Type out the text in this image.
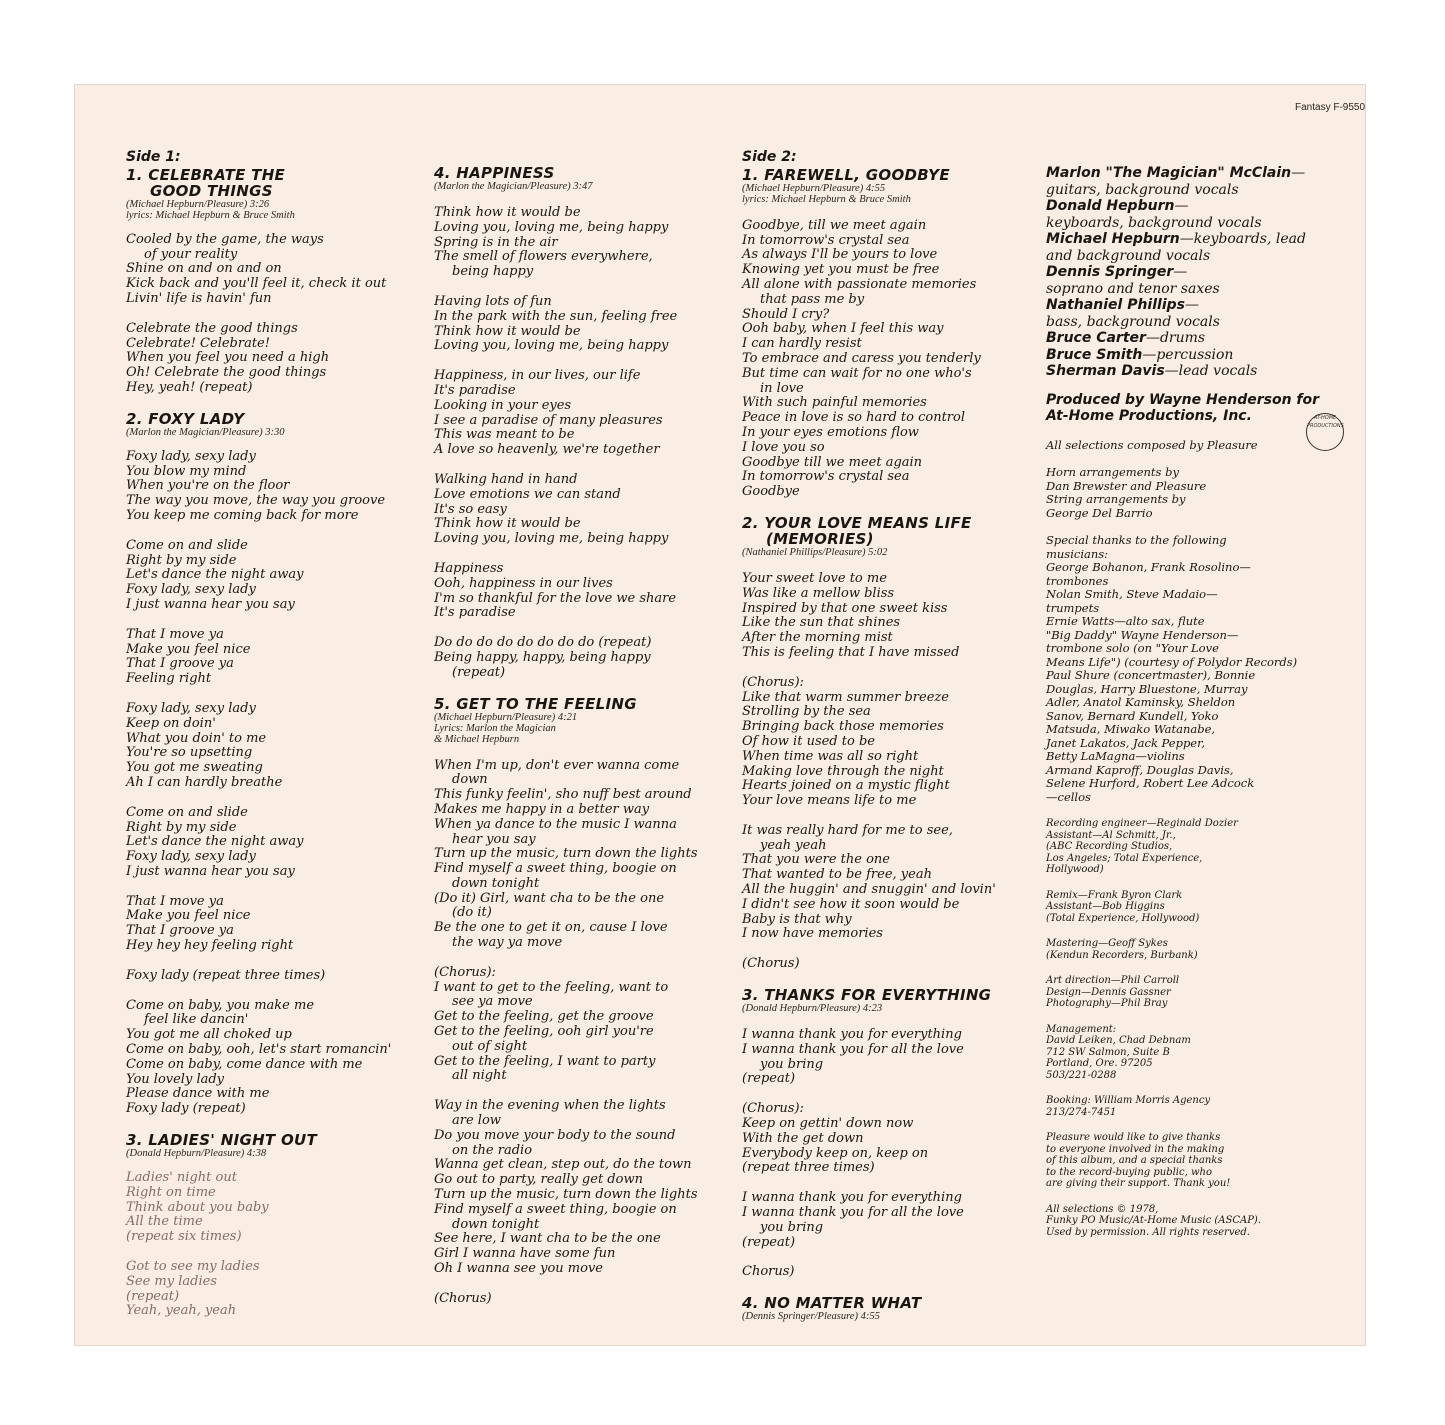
Fantasy F-9550
Side 1:
1. CELEBRATE THE
GOOD THINGS
(Michael Hepburn/Pleasure) 3:26
lyrics: Michael Hepburn & Bruce Smith
Cooled by the game, the ways
of your reality
Shine on and on and on
Kick back and you'll feel it, check it out
Livin' life is havin' fun
Celebrate the good things
Celebrate! Celebrate!
When you feel you need a high
Oh! Celebrate the good things
Hey, yeah! (repeat)
2. FOXY LADY
(Marlon the Magician/Pleasure) 3:30
Foxy lady, sexy lady
You blow my mind
When you're on the floor
The way you move, the way you groove
You keep me coming back for more
Come on and slide
Right by my side
Let's dance the night away
Foxy lady, sexy lady
I just wanna hear you say
That I move ya
Make you feel nice
That I groove ya
Feeling right
Foxy lady, sexy lady
Keep on doin'
What you doin' to me
You're so upsetting
You got me sweating
Ah I can hardly breathe
Come on and slide
Right by my side
Let's dance the night away
Foxy lady, sexy lady
I just wanna hear you say
That I move ya
Make you feel nice
That I groove ya
Hey hey hey feeling right
Foxy lady (repeat three times)
Come on baby, you make me
feel like dancin'
You got me all choked up
Come on baby, ooh, let's start romancin'
Come on baby, come dance with me
You lovely lady
Please dance with me
Foxy lady (repeat)
3. LADIES' NIGHT OUT
(Donald Hepburn/Pleasure) 4:38
Ladies' night out
Right on time
Think about you baby
All the time
(repeat six times)
Got to see my ladies
See my ladies
(repeat)
Yeah, yeah, yeah
4. HAPPINESS
(Marlon the Magician/Pleasure) 3:47
Think how it would be
Loving you, loving me, being happy
Spring is in the air
The smell of flowers everywhere,
being happy
Having lots of fun
In the park with the sun, feeling free
Think how it would be
Loving you, loving me, being happy
Happiness, in our lives, our life
It's paradise
Looking in your eyes
I see a paradise of many pleasures
This was meant to be
A love so heavenly, we're together
Walking hand in hand
Love emotions we can stand
It's so easy
Think how it would be
Loving you, loving me, being happy
Happiness
Ooh, happiness in our lives
I'm so thankful for the love we share
It's paradise
Do do do do do do do do (repeat)
Being happy, happy, being happy
(repeat)
5. GET TO THE FEELING
(Michael Hepburn/Pleasure) 4:21
Lyrics: Marlon the Magician
& Michael Hepburn
When I'm up, don't ever wanna come
down
This funky feelin', sho nuff best around
Makes me happy in a better way
When ya dance to the music I wanna
hear you say
Turn up the music, turn down the lights
Find myself a sweet thing, boogie on
down tonight
(Do it) Girl, want cha to be the one
(do it)
Be the one to get it on, cause I love
the way ya move
(Chorus):
I want to get to the feeling, want to
see ya move
Get to the feeling, get the groove
Get to the feeling, ooh girl you're
out of sight
Get to the feeling, I want to party
all night
Way in the evening when the lights
are low
Do you move your body to the sound
on the radio
Wanna get clean, step out, do the town
Go out to party, really get down
Turn up the music, turn down the lights
Find myself a sweet thing, boogie on
down tonight
See here, I want cha to be the one
Girl I wanna have some fun
Oh I wanna see you move
(Chorus)
Side 2:
1. FAREWELL, GOODBYE
(Michael Hepburn/Pleasure) 4:55
lyrics: Michael Hepburn & Bruce Smith
Goodbye, till we meet again
In tomorrow's crystal sea
As always I'll be yours to love
Knowing yet you must be free
All alone with passionate memories
that pass me by
Should I cry?
Ooh baby, when I feel this way
I can hardly resist
To embrace and caress you tenderly
But time can wait for no one who's
in love
With such painful memories
Peace in love is so hard to control
In your eyes emotions flow
I love you so
Goodbye till we meet again
In tomorrow's crystal sea
Goodbye
2. YOUR LOVE MEANS LIFE
(MEMORIES)
(Nathaniel Phillips/Pleasure) 5:02
Your sweet love to me
Was like a mellow bliss
Inspired by that one sweet kiss
Like the sun that shines
After the morning mist
This is feeling that I have missed
(Chorus):
Like that warm summer breeze
Strolling by the sea
Bringing back those memories
Of how it used to be
When time was all so right
Making love through the night
Hearts joined on a mystic flight
Your love means life to me
It was really hard for me to see,
yeah yeah
That you were the one
That wanted to be free, yeah
All the huggin' and snuggin' and lovin'
I didn't see how it soon would be
Baby is that why
I now have memories
(Chorus)
3. THANKS FOR EVERYTHING
(Donald Hepburn/Pleasure) 4:23
I wanna thank you for everything
I wanna thank you for all the love
you bring
(repeat)
(Chorus):
Keep on gettin' down now
With the get down
Everybody keep on, keep on
(repeat three times)
I wanna thank you for everything
I wanna thank you for all the love
you bring
(repeat)
Chorus)
4. NO MATTER WHAT
(Dennis Springer/Pleasure) 4:55
Marlon "The Magician" McClain—
guitars, background vocals
Donald Hepburn—
keyboards, background vocals
Michael Hepburn—keyboards, lead and background vocals
Dennis Springer—
soprano and tenor saxes
Nathaniel Phillips—
bass, background vocals
Bruce Carter—drums
Bruce Smith—percussion
Sherman Davis—lead vocals

Produced by Wayne Henderson for
At-Home Productions, Inc.	AT-HOME PRODUCTIONS
All selections composed by Pleasure
Horn arrangements by
Dan Brewster and Pleasure
String arrangements by
George Del Barrio
Special thanks to the following
musicians:
George Bohanon, Frank Rosolino—
trombones
Nolan Smith, Steve Madaio—
trumpets
Ernie Watts—alto sax, flute
"Big Daddy" Wayne Henderson—
trombone solo (on "Your Love
Means Life") (courtesy of Polydor Records)
Paul Shure (concertmaster), Bonnie
Douglas, Harry Bluestone, Murray
Adler, Anatol Kaminsky, Sheldon
Sanov, Bernard Kundell, Yoko
Matsuda, Miwako Watanabe,
Janet Lakatos, Jack Pepper,
Betty LaMagna—violins
Armand Kaproff, Douglas Davis,
Selene Hurford, Robert Lee Adcock
—cellos
Recording engineer—Reginald Dozier
Assistant—Al Schmitt, Jr.,
(ABC Recording Studios,
Los Angeles; Total Experience,
Hollywood)
Remix—Frank Byron Clark
Assistant—Bob Higgins
(Total Experience, Hollywood)
Mastering—Geoff Sykes
(Kendun Recorders, Burbank)
Art direction—Phil Carroll
Design—Dennis Gassner
Photography—Phil Bray
Management:
David Leiken, Chad Debnam
712 SW Salmon, Suite B
Portland, Ore. 97205
503/221-0288
Booking: William Morris Agency
213/274-7451
Pleasure would like to give thanks
to everyone involved in the making
of this album, and a special thanks
to the record-buying public, who
are giving their support. Thank you!
All selections © 1978,
Funky PO Music/At-Home Music (ASCAP).
Used by permission. All rights reserved.
